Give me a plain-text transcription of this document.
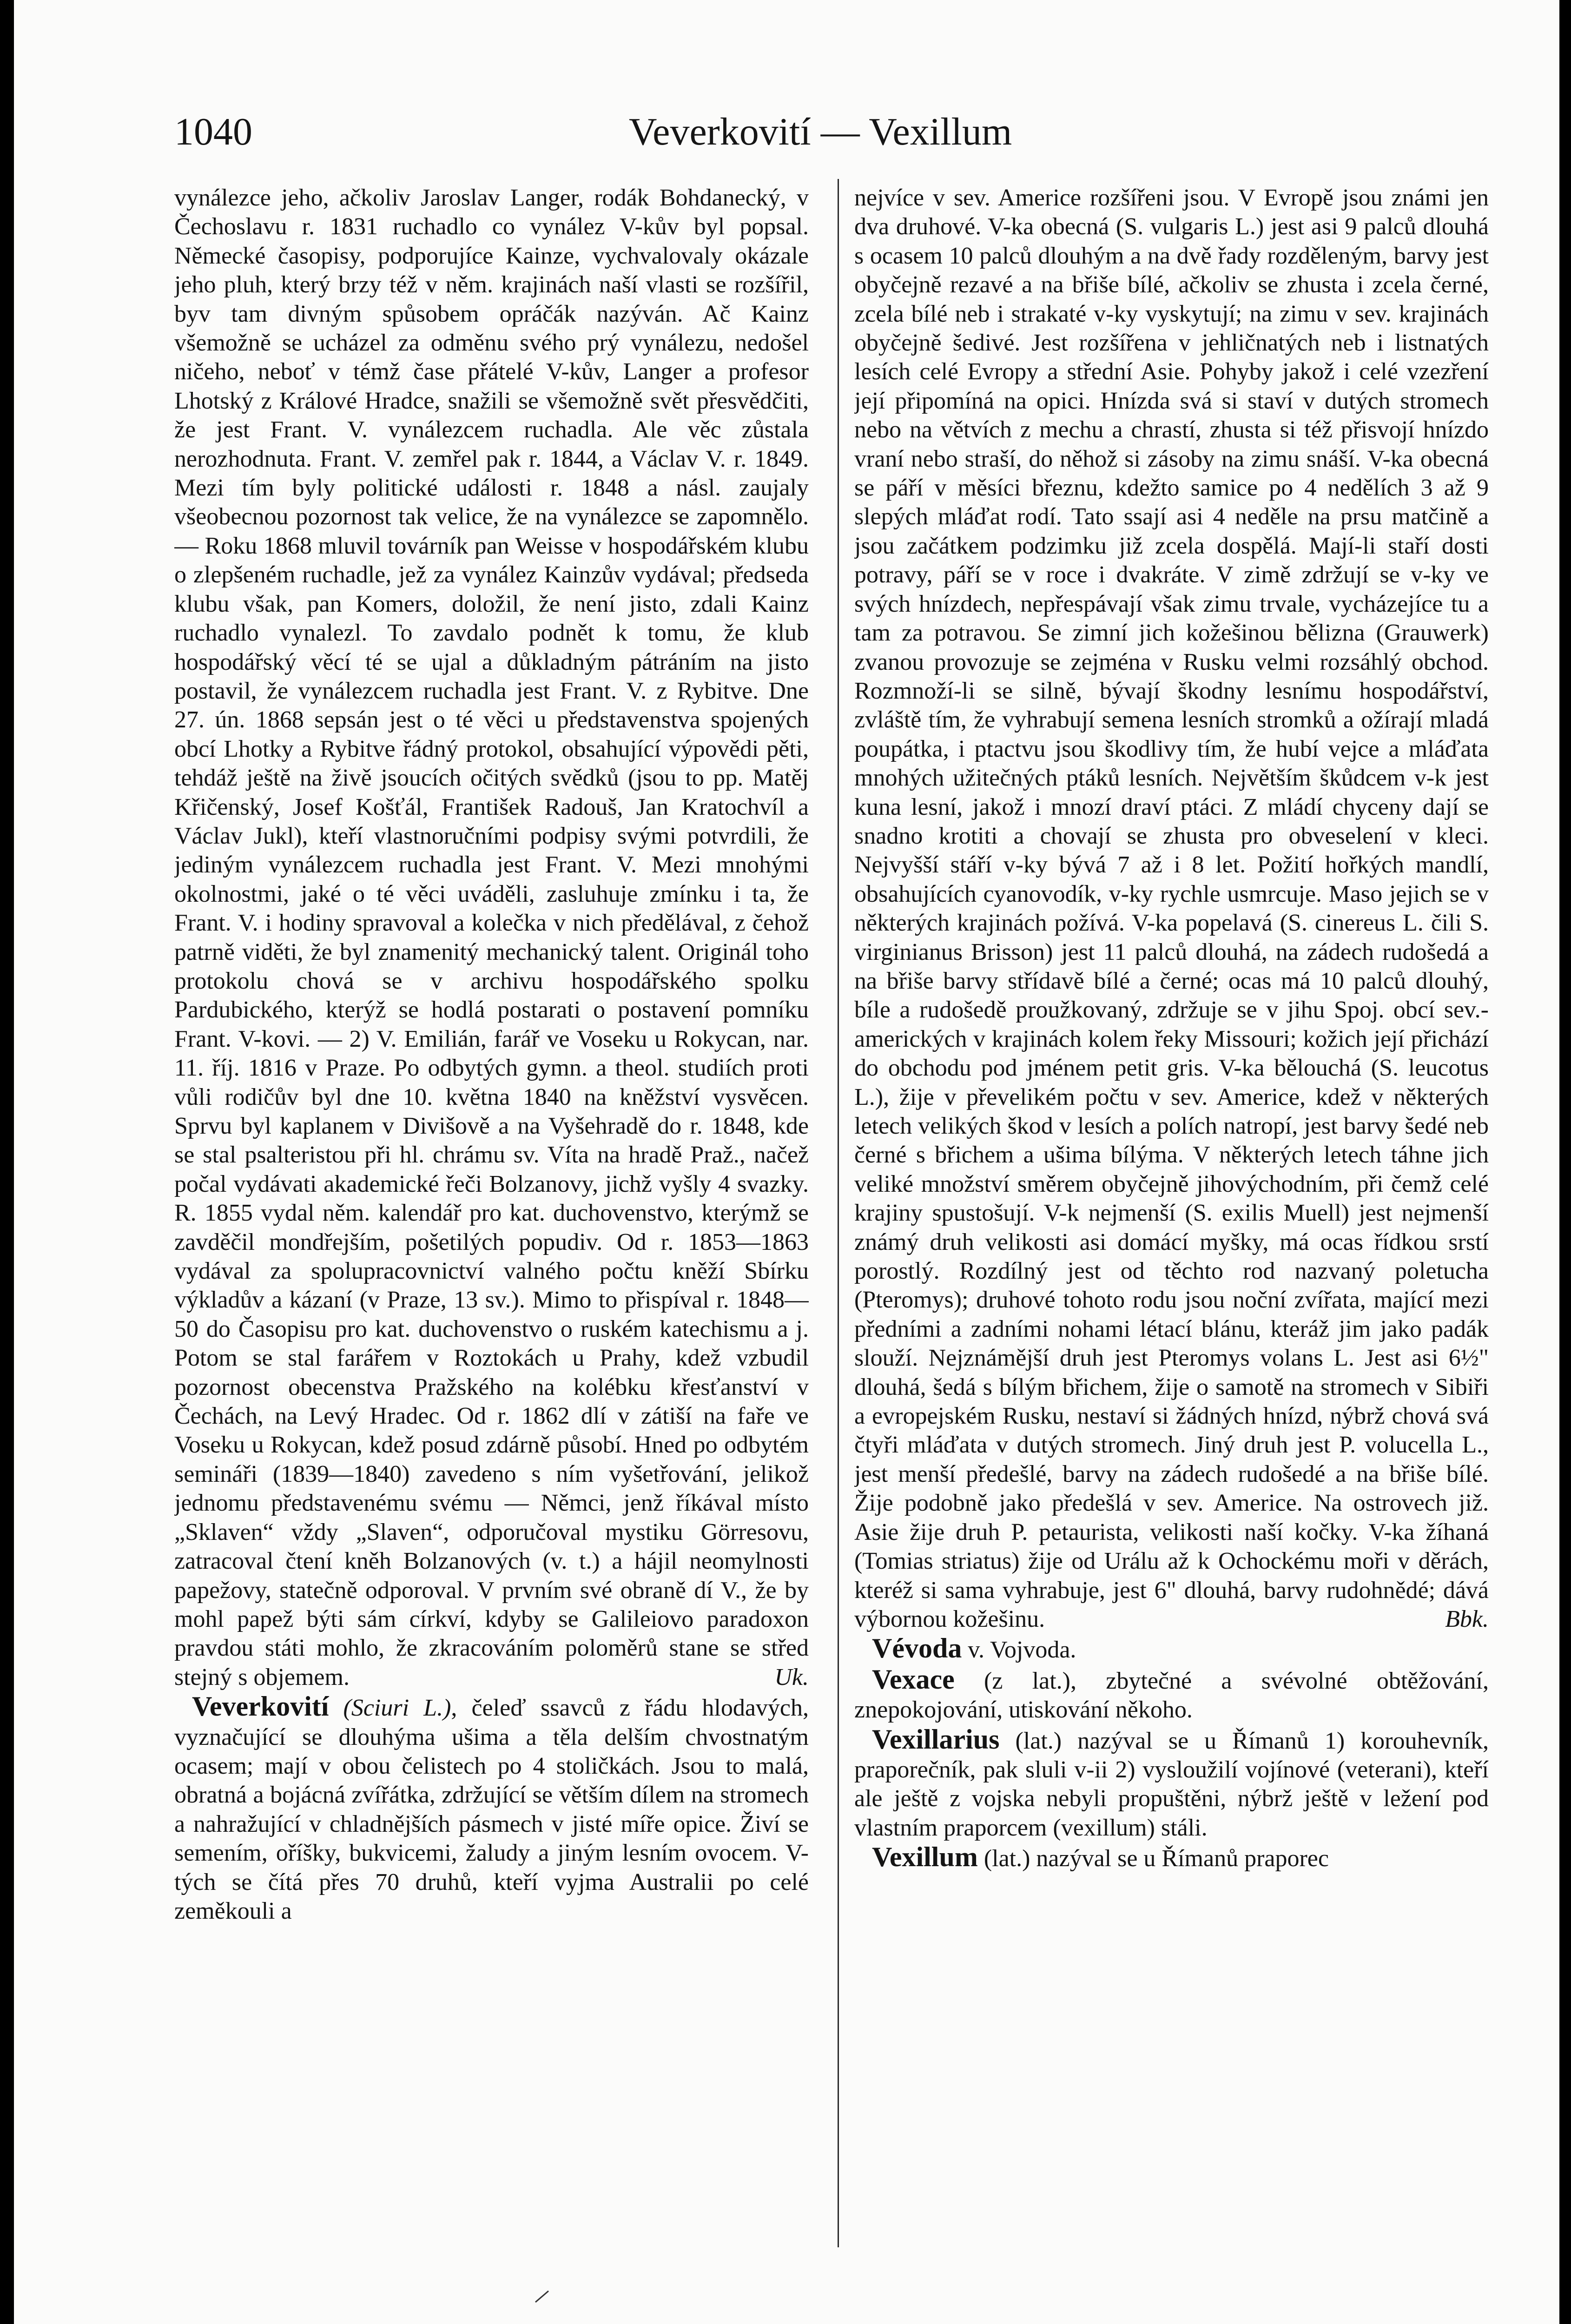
1040	Veverkovití — Vexillum

vynálezce jeho, ačkoliv Jaroslav Langer, rodák Bohdanecký, v Čechoslavu r. 1831 ruchadlo co vynález V-kův byl popsal. Německé časopisy, podporujíce Kainze, vychvalovaly okázale jeho pluh, který brzy též v něm. krajinách naší vlasti se rozšířil, byv tam divným spůsobem opráčák nazýván. Ač Kainz všemožně se ucházel za odměnu svého prý vynálezu, nedošel ničeho, neboť v témž čase přátelé V-kův, Langer a profesor Lhotský z Králové Hradce, snažili se všemožně svět přesvědčiti, že jest Frant. V. vynálezcem ruchadla. Ale věc zůstala nerozhodnuta. Frant. V. zemřel pak r. 1844, a Václav V. r. 1849. Mezi tím byly politické události r. 1848 a násl. zaujaly všeobecnou pozornost tak velice, že na vynálezce se zapomnělo. — Roku 1868 mluvil továrník pan Weisse v hospodářském klubu o zlepšeném ruchadle, jež za vynález Kainzův vydával; předseda klubu však, pan Komers, doložil, že není jisto, zdali Kainz ruchadlo vynalezl. To zavdalo podnět k tomu, že klub hospodářský věcí té se ujal a důkladným pátráním na jisto postavil, že vynálezcem ruchadla jest Frant. V. z Rybitve. Dne 27. ún. 1868 sepsán jest o té věci u představenstva spojených obcí Lhotky a Rybitve řádný protokol, obsahující výpovědi pěti, tehdáž ještě na živě jsoucích očitých svědků (jsou to pp. Matěj Křičenský, Josef Košťál, František Radouš, Jan Kratochvíl a Václav Jukl), kteří vlastnoručními podpisy svými potvrdili, že jediným vynálezcem ruchadla jest Frant. V. Mezi mnohými okolnostmi, jaké o té věci uváděli, zasluhuje zmínku i ta, že Frant. V. i hodiny spravoval a kolečka v nich předělával, z čehož patrně viděti, že byl znamenitý mechanický talent. Originál toho protokolu chová se v archivu hospodářského spolku Pardubického, kterýž se hodlá postarati o postavení pomníku Frant. V-kovi. — 2) V. Emilián, farář ve Voseku u Rokycan, nar. 11. říj. 1816 v Praze. Po odbytých gymn. a theol. studiích proti vůli rodičův byl dne 10. května 1840 na kněžství vysvěcen. Sprvu byl kaplanem v Divišově a na Vyšehradě do r. 1848, kde se stal psalteristou při hl. chrámu sv. Víta na hradě Praž., načež počal vydávati akademické řeči Bolzanovy, jichž vyšly 4 svazky. R. 1855 vydal něm. kalendář pro kat. duchovenstvo, kterýmž se zavděčil mondřejším, pošetilých popudiv. Od r. 1853—1863 vydával za spolupracovnictví valného počtu kněží Sbírku výkladův a kázaní (v Praze, 13 sv.). Mimo to přispíval r. 1848—50 do Časopisu pro kat. duchovenstvo o ruském katechismu a j. Potom se stal farářem v Roztokách u Prahy, kdež vzbudil pozornost obecenstva Pražského na kolébku křesťanství v Čechách, na Levý Hradec. Od r. 1862 dlí v zátiší na faře ve Voseku u Rokycan, kdež posud zdárně působí. Hned po odbytém semináři (1839—1840) zavedeno s ním vyšetřování, jelikož jednomu představenému svému — Němci, jenž říkával místo „Sklaven“ vždy „Slaven“, odporučoval mystiku Görresovu, zatracoval čtení kněh Bolzanových (v. t.) a hájil neomylnosti papežovy, statečně odporoval. V prvním své obraně dí V., že by mohl papež býti sám církví, kdyby se Galileiovo paradoxon pravdou státi mohlo, že zkracováním poloměrů stane se střed stejný s objemem.	Uk.

Veverkovití (Sciuri L.), čeleď ssavců z řádu hlodavých, vyznačující se dlouhýma ušima a těla delším chvostnatým ocasem; mají v obou čelistech po 4 stoličkách. Jsou to malá, obratná a bojácná zvířátka, zdržující se větším dílem na stromech a nahražující v chladnějších pásmech v jisté míře opice. Živí se semením, oříšky, bukvicemi, žaludy a jiným lesním ovocem. V-tých se čítá přes 70 druhů, kteří vyjma Australii po celé zeměkouli a

nejvíce v sev. Americe rozšířeni jsou. V Evropě jsou známi jen dva druhové. V-ka obecná (S. vulgaris L.) jest asi 9 palců dlouhá s ocasem 10 palců dlouhým a na dvě řady rozděleným, barvy jest obyčejně rezavé a na břiše bílé, ačkoliv se zhusta i zcela černé, zcela bílé neb i strakaté v-ky vyskytují; na zimu v sev. krajinách obyčejně šedivé. Jest rozšířena v jehličnatých neb i listnatých lesích celé Evropy a střední Asie. Pohyby jakož i celé vzezření její připomíná na opici. Hnízda svá si staví v dutých stromech nebo na větvích z mechu a chrastí, zhusta si též přisvojí hnízdo vraní nebo straší, do něhož si zásoby na zimu snáší. V-ka obecná se páří v měsíci březnu, kdežto samice po 4 nedělích 3 až 9 slepých mláďat rodí. Tato ssají asi 4 neděle na prsu matčině a jsou začátkem podzimku již zcela dospělá. Mají-li staří dosti potravy, páří se v roce i dvakráte. V zimě zdržují se v-ky ve svých hnízdech, nepřespávají však zimu trvale, vycházejíce tu a tam za potravou. Se zimní jich kožešinou bělizna (Grauwerk) zvanou provozuje se zejména v Rusku velmi rozsáhlý obchod. Rozmnoží-li se silně, bývají škodny lesnímu hospodářství, zvláště tím, že vyhrabují semena lesních stromků a ožírají mladá poupátka, i ptactvu jsou škodlivy tím, že hubí vejce a mláďata mnohých užitečných ptáků lesních. Největším škůdcem v-k jest kuna lesní, jakož i mnozí draví ptáci. Z mládí chyceny dají se snadno krotiti a chovají se zhusta pro obveselení v kleci. Nejvyšší stáří v-ky bývá 7 až i 8 let. Požití hořkých mandlí, obsahujících cyanovodík, v-ky rychle usmrcuje. Maso jejich se v některých krajinách požívá. V-ka popelavá (S. cinereus L. čili S. virginianus Brisson) jest 11 palců dlouhá, na zádech rudošedá a na břiše barvy střídavě bílé a černé; ocas má 10 palců dlouhý, bíle a rudošedě proužkovaný, zdržuje se v jihu Spoj. obcí sev.-amerických v krajinách kolem řeky Missouri; kožich její přichází do obchodu pod jménem petit gris. V-ka bělouchá (S. leucotus L.), žije v převelikém počtu v sev. Americe, kdež v některých letech velikých škod v lesích a polích natropí, jest barvy šedé neb černé s břichem a ušima bílýma. V některých letech táhne jich veliké množství směrem obyčejně jihovýchodním, při čemž celé krajiny spustošují. V-k nejmenší (S. exilis Muell) jest nejmenší známý druh velikosti asi domácí myšky, má ocas řídkou srstí porostlý. Rozdílný jest od těchto rod nazvaný poletucha (Pteromys); druhové tohoto rodu jsou noční zvířata, mající mezi předními a zadními nohami létací blánu, kteráž jim jako padák slouží. Nejznámější druh jest Pteromys volans L. Jest asi 6½" dlouhá, šedá s bílým břichem, žije o samotě na stromech v Sibiři a evropejském Rusku, nestaví si žádných hnízd, nýbrž chová svá čtyři mláďata v dutých stromech. Jiný druh jest P. volucella L., jest menší předešlé, barvy na zádech rudošedé a na břiše bílé. Žije podobně jako předešlá v sev. Americe. Na ostrovech již. Asie žije druh P. petaurista, velikosti naší kočky. V-ka žíhaná (Tomias striatus) žije od Urálu až k Ochockému moři v děrách, kteréž si sama vyhrabuje, jest 6" dlouhá, barvy rudohnědé; dává výbornou kožešinu.	Bbk.

Vévoda v. Vojvoda.

Vexace (z lat.), zbytečné a svévolné obtěžování, znepokojování, utiskování někoho.

Vexillarius (lat.) nazýval se u Římanů 1) korouhevník, praporečník, pak sluli v-ii 2) vysloužilí vojínové (veterani), kteří ale ještě z vojska nebyli propuštěni, nýbrž ještě v ležení pod vlastním praporcem (vexillum) stáli.

Vexillum (lat.) nazýval se u Římanů praporec
